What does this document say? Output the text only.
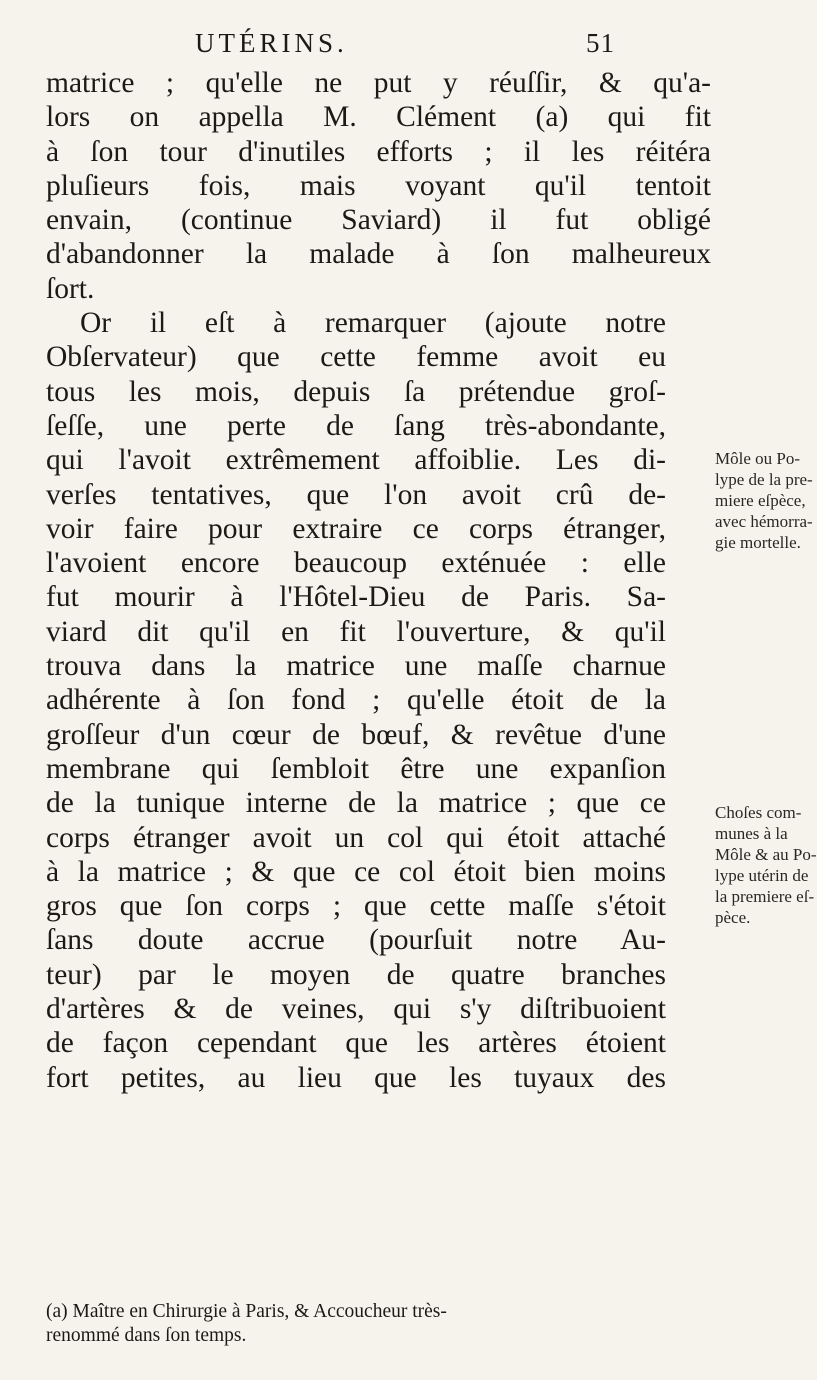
UTÉRINS.	51
matrice ; qu'elle ne put y réuſſir, & qu'a-
lors on appella M. Clément (a) qui fit
à ſon tour d'inutiles efforts ; il les réitéra
pluſieurs fois, mais voyant qu'il tentoit
envain, (continue Saviard) il fut obligé
d'abandonner la malade à ſon malheureux
ſort.
Or il eſt à remarquer (ajoute notre
Obſervateur) que cette femme avoit eu
tous les mois, depuis ſa prétendue groſ-
ſeſſe, une perte de ſang très-abondante,
qui l'avoit extrêmement affoiblie. Les di-
verſes tentatives, que l'on avoit crû de-
voir faire pour extraire ce corps étranger,
l'avoient encore beaucoup exténuée : elle
fut mourir à l'Hôtel-Dieu de Paris. Sa-
viard dit qu'il en fit l'ouverture, & qu'il
trouva dans la matrice une maſſe charnue
adhérente à ſon fond ; qu'elle étoit de la
groſſeur d'un cœur de bœuf, & revêtue d'une
membrane qui ſembloit être une expanſion
de la tunique interne de la matrice ; que ce
corps étranger avoit un col qui étoit attaché
à la matrice ; & que ce col étoit bien moins
gros que ſon corps ; que cette maſſe s'étoit
ſans doute accrue (pourſuit notre Au-
teur) par le moyen de quatre branches
d'artères & de veines, qui s'y diſtribuoient
de façon cependant que les artères étoient
fort petites, au lieu que les tuyaux des
Môle ou Po-
lype de la pre-
miere eſpèce,
avec hémorra-
gie mortelle.
Choſes com-
munes à la
Môle & au Po-
lype utérin de
la premiere eſ-
pèce.
(a) Maître en Chirurgie à Paris, & Accoucheur très-
renommé dans ſon temps.
